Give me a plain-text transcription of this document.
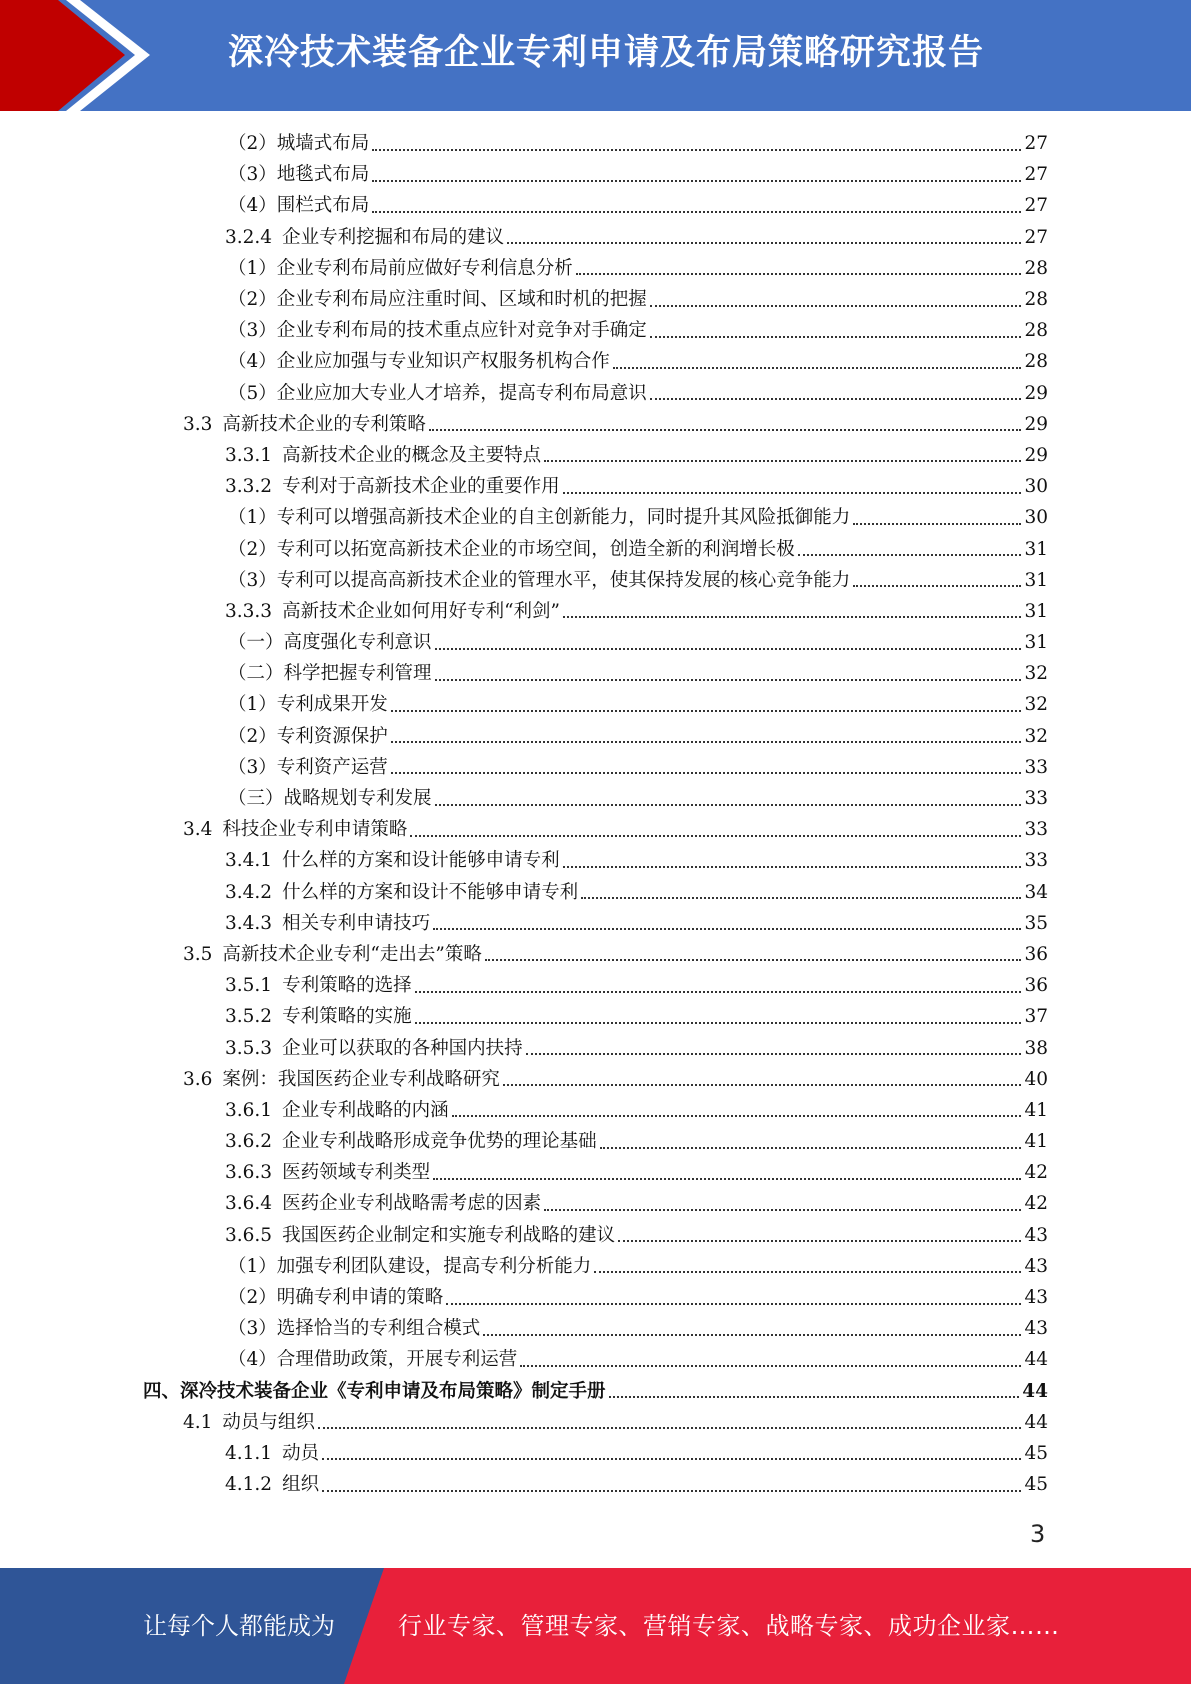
深冷技术装备企业专利申请及布局策略研究报告
（2）城墙式布局	27
（3）地毯式布局	27
（4）围栏式布局	27
3.2.4 企业专利挖掘和布局的建议	27
（1）企业专利布局前应做好专利信息分析	28
（2）企业专利布局应注重时间、区域和时机的把握	28
（3）企业专利布局的技术重点应针对竞争对手确定	28
（4）企业应加强与专业知识产权服务机构合作	28
（5）企业应加大专业人才培养，提高专利布局意识	29
3.3 高新技术企业的专利策略	29
3.3.1 高新技术企业的概念及主要特点	29
3.3.2 专利对于高新技术企业的重要作用	30
（1）专利可以增强高新技术企业的自主创新能力，同时提升其风险抵御能力	30
（2）专利可以拓宽高新技术企业的市场空间，创造全新的利润增长极	31
（3）专利可以提高高新技术企业的管理水平，使其保持发展的核心竞争能力	31
3.3.3 高新技术企业如何用好专利“利剑”	31
（一）高度强化专利意识	31
（二）科学把握专利管理	32
（1）专利成果开发	32
（2）专利资源保护	32
（3）专利资产运营	33
（三）战略规划专利发展	33
3.4 科技企业专利申请策略	33
3.4.1 什么样的方案和设计能够申请专利	33
3.4.2 什么样的方案和设计不能够申请专利	34
3.4.3 相关专利申请技巧	35
3.5 高新技术企业专利“走出去”策略	36
3.5.1 专利策略的选择	36
3.5.2 专利策略的实施	37
3.5.3 企业可以获取的各种国内扶持	38
3.6 案例：我国医药企业专利战略研究	40
3.6.1 企业专利战略的内涵	41
3.6.2 企业专利战略形成竞争优势的理论基础	41
3.6.3 医药领域专利类型	42
3.6.4 医药企业专利战略需考虑的因素	42
3.6.5 我国医药企业制定和实施专利战略的建议	43
（1）加强专利团队建设，提高专利分析能力	43
（2）明确专利申请的策略	43
（3）选择恰当的专利组合模式	43
（4）合理借助政策，开展专利运营	44
四、深冷技术装备企业《专利申请及布局策略》制定手册	44
4.1 动员与组织	44
4.1.1 动员	45
4.1.2 组织	45
3
让每个人都能成为	行业专家、管理专家、营销专家、战略专家、成功企业家……
